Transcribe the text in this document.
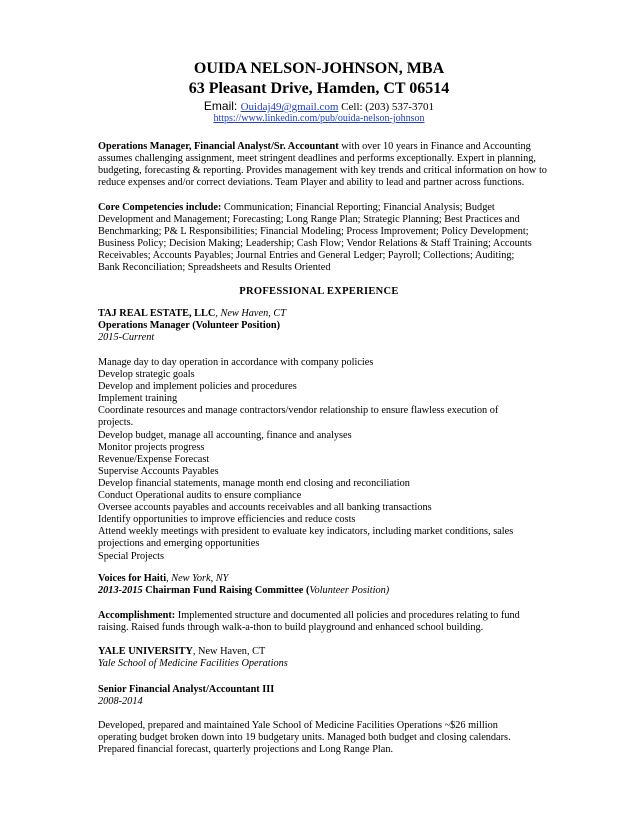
OUIDA NELSON-JOHNSON, MBA
63 Pleasant Drive, Hamden, CT 06514
Email: Ouidaj49@gmail.com Cell: (203) 537-3701
https://www.linkedin.com/pub/ouida-nelson-johnson
Operations Manager, Financial Analyst/Sr. Accountant with over 10 years in Finance and Accounting
assumes challenging assignment, meet stringent deadlines and performs exceptionally. Expert in planning,
budgeting, forecasting & reporting. Provides management with key trends and critical information on how to
reduce expenses and/or correct deviations. Team Player and ability to lead and partner across functions.
Core Competencies include: Communication; Financial Reporting; Financial Analysis; Budget
Development and Management; Forecasting; Long Range Plan; Strategic Planning; Best Practices and
Benchmarking; P& L Responsibilities; Financial Modeling; Process Improvement; Policy Development;
Business Policy; Decision Making; Leadership; Cash Flow; Vendor Relations & Staff Training; Accounts
Receivables; Accounts Payables; Journal Entries and General Ledger; Payroll; Collections; Auditing;
Bank Reconciliation; Spreadsheets and Results Oriented
PROFESSIONAL EXPERIENCE
TAJ REAL ESTATE, LLC, New Haven, CT
Operations Manager (Volunteer Position)
2015-Current
Manage day to day operation in accordance with company policies
Develop strategic goals
Develop and implement policies and procedures
Implement training
Coordinate resources and manage contractors/vendor relationship to ensure flawless execution of
projects.
Develop budget, manage all accounting, finance and analyses
Monitor projects progress
Revenue/Expense Forecast
Supervise Accounts Payables
Develop financial statements, manage month end closing and reconciliation
Conduct Operational audits to ensure compliance
Oversee accounts payables and accounts receivables and all banking transactions
Identify opportunities to improve efficiencies and reduce costs
Attend weekly meetings with president to evaluate key indicators, including market conditions, sales
projections and emerging opportunities
Special Projects
Voices for Haiti, New York, NY
2013-2015 Chairman Fund Raising Committee (Volunteer Position)
Accomplishment: Implemented structure and documented all policies and procedures relating to fund
raising. Raised funds through walk-a-thon to build playground and enhanced school building.
YALE UNIVERSITY, New Haven, CT
Yale School of Medicine Facilities Operations
Senior Financial Analyst/Accountant III
2008-2014
Developed, prepared and maintained Yale School of Medicine Facilities Operations ~$26 million
operating budget broken down into 19 budgetary units. Managed both budget and closing calendars.
Prepared financial forecast, quarterly projections and Long Range Plan.
